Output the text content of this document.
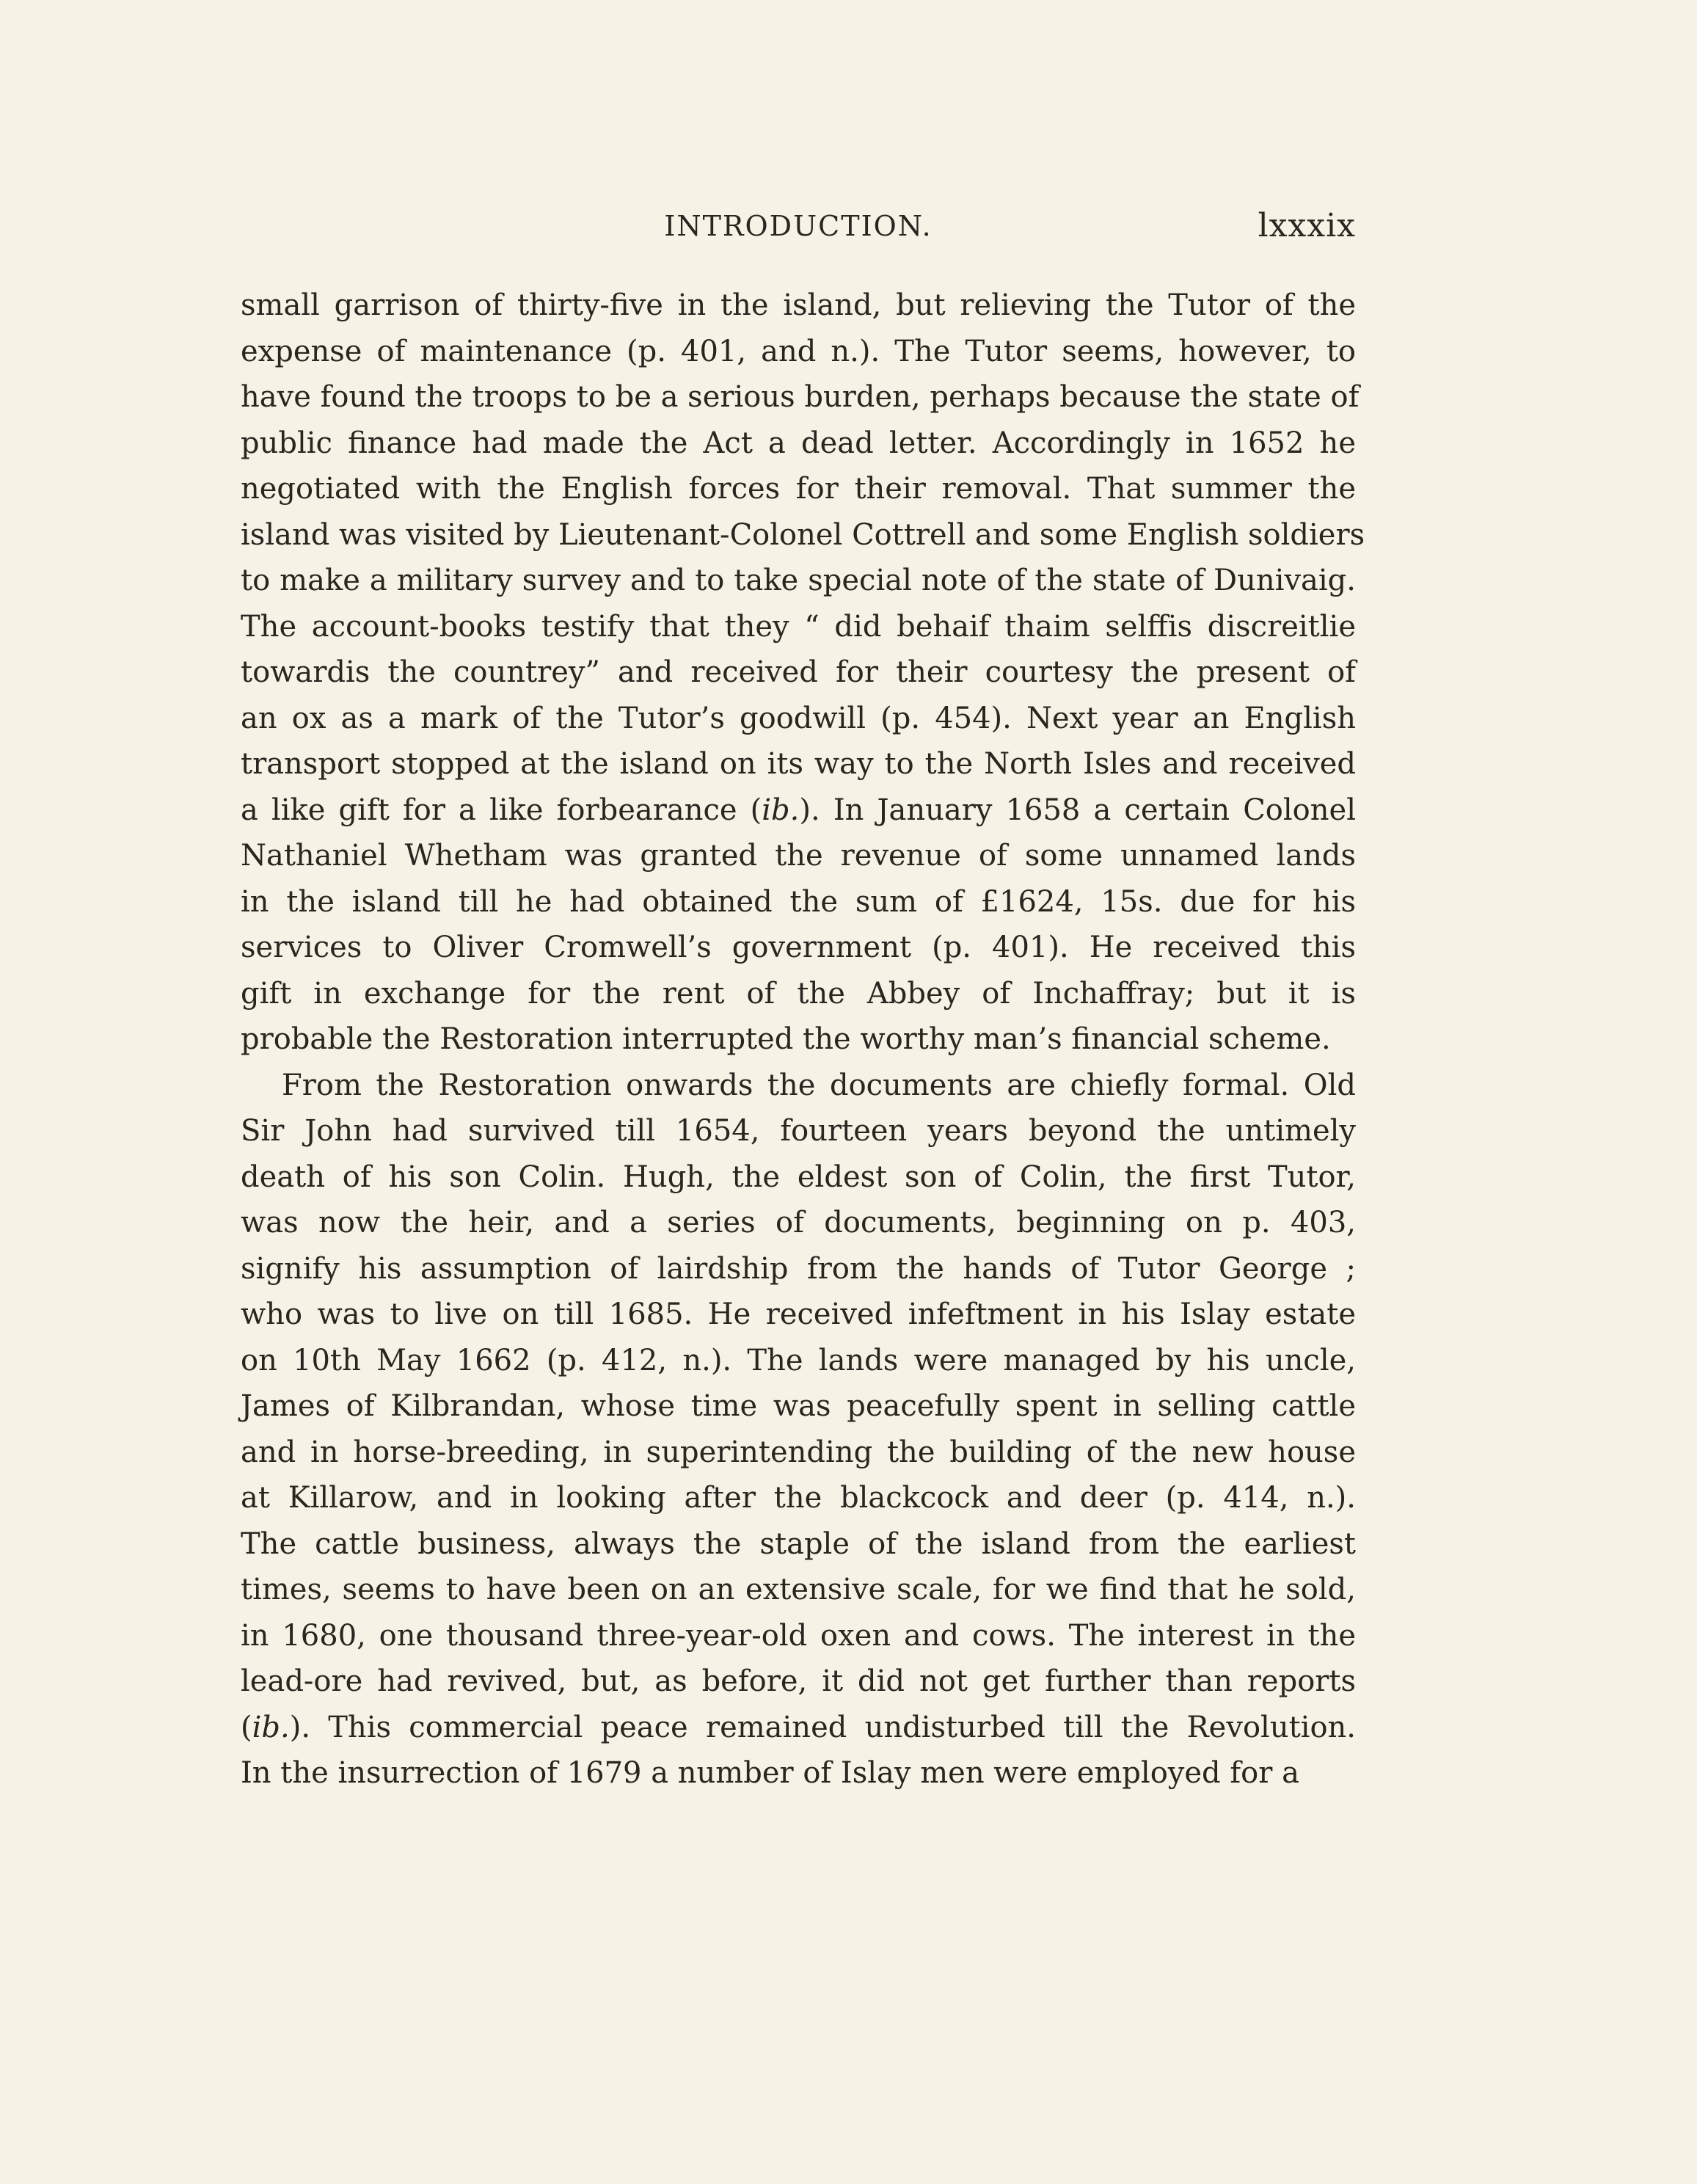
INTRODUCTION.	lxxxix
small garrison of thirty-five in the island, but relieving the Tutor of the
expense of maintenance (p. 401, and n.). The Tutor seems, however, to
have found the troops to be a serious burden, perhaps because the state of
public finance had made the Act a dead letter. Accordingly in 1652 he
negotiated with the English forces for their removal. That summer the
island was visited by Lieutenant-Colonel Cottrell and some English soldiers
to make a military survey and to take special note of the state of Dunivaig.
The account-books testify that they “ did behaif thaim selffis discreitlie
towardis the countrey” and received for their courtesy the present of
an ox as a mark of the Tutor’s goodwill (p. 454). Next year an English
transport stopped at the island on its way to the North Isles and received
a like gift for a like forbearance (ib.). In January 1658 a certain Colonel
Nathaniel Whetham was granted the revenue of some unnamed lands
in the island till he had obtained the sum of £1624, 15s. due for his
services to Oliver Cromwell’s government (p. 401). He received this
gift in exchange for the rent of the Abbey of Inchaffray; but it is
probable the Restoration interrupted the worthy man’s financial scheme.
From the Restoration onwards the documents are chiefly formal. Old
Sir John had survived till 1654, fourteen years beyond the untimely
death of his son Colin. Hugh, the eldest son of Colin, the first Tutor,
was now the heir, and a series of documents, beginning on p. 403,
signify his assumption of lairdship from the hands of Tutor George ;
who was to live on till 1685. He received infeftment in his Islay estate
on 10th May 1662 (p. 412, n.). The lands were managed by his uncle,
James of Kilbrandan, whose time was peacefully spent in selling cattle
and in horse-breeding, in superintending the building of the new house
at Killarow, and in looking after the blackcock and deer (p. 414, n.).
The cattle business, always the staple of the island from the earliest
times, seems to have been on an extensive scale, for we find that he sold,
in 1680, one thousand three-year-old oxen and cows. The interest in the
lead-ore had revived, but, as before, it did not get further than reports
(ib.). This commercial peace remained undisturbed till the Revolution.
In the insurrection of 1679 a number of Islay men were employed for a
